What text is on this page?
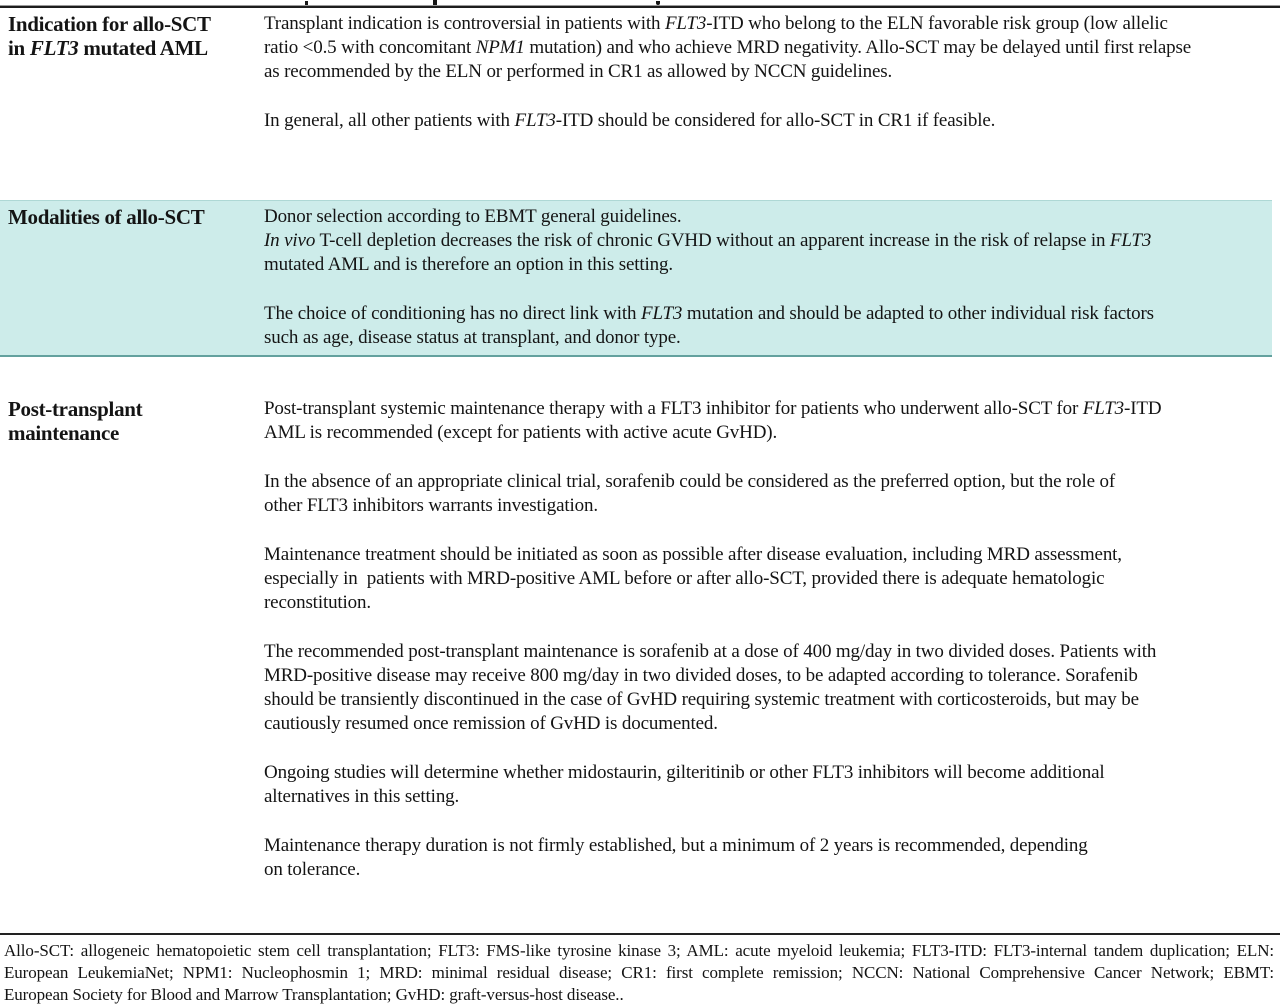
Indication for allo-SCT
in FLT3 mutated AML
Transplant indication is controversial in patients with FLT3-ITD who belong to the ELN favorable risk group (low allelic
ratio <0.5 with concomitant NPM1 mutation) and who achieve MRD negativity. Allo-SCT may be delayed until first relapse
as recommended by the ELN or performed in CR1 as allowed by NCCN guidelines.
In general, all other patients with FLT3-ITD should be considered for allo-SCT in CR1 if feasible.
Modalities of allo-SCT	Donor selection according to EBMT general guidelines.
In vivo T-cell depletion decreases the risk of chronic GVHD without an apparent increase in the risk of relapse in FLT3
mutated AML and is therefore an option in this setting.
The choice of conditioning has no direct link with FLT3 mutation and should be adapted to other individual risk factors
such as age, disease status at transplant, and donor type.
Post-transplant
maintenance
Post-transplant systemic maintenance therapy with a FLT3 inhibitor for patients who underwent allo-SCT for FLT3-ITD
AML is recommended (except for patients with active acute GvHD).
In the absence of an appropriate clinical trial, sorafenib could be considered as the preferred option, but the role of
other FLT3 inhibitors warrants investigation.
Maintenance treatment should be initiated as soon as possible after disease evaluation, including MRD assessment,
especially in  patients with MRD-positive AML before or after allo-SCT, provided there is adequate hematologic
reconstitution.
The recommended post-transplant maintenance is sorafenib at a dose of 400 mg/day in two divided doses. Patients with
MRD-positive disease may receive 800 mg/day in two divided doses, to be adapted according to tolerance. Sorafenib
should be transiently discontinued in the case of GvHD requiring systemic treatment with corticosteroids, but may be
cautiously resumed once remission of GvHD is documented.
Ongoing studies will determine whether midostaurin, gilteritinib or other FLT3 inhibitors will become additional
alternatives in this setting.
Maintenance therapy duration is not firmly established, but a minimum of 2 years is recommended, depending
on tolerance.
Allo-SCT: allogeneic hematopoietic stem cell transplantation; FLT3: FMS-like tyrosine kinase 3; AML: acute myeloid leukemia; FLT3-ITD: FLT3-internal tandem duplication; ELN:
European LeukemiaNet; NPM1: Nucleophosmin 1; MRD: minimal residual disease; CR1: first complete remission; NCCN: National Comprehensive Cancer Network; EBMT:
European Society for Blood and Marrow Transplantation; GvHD: graft-versus-host disease..
